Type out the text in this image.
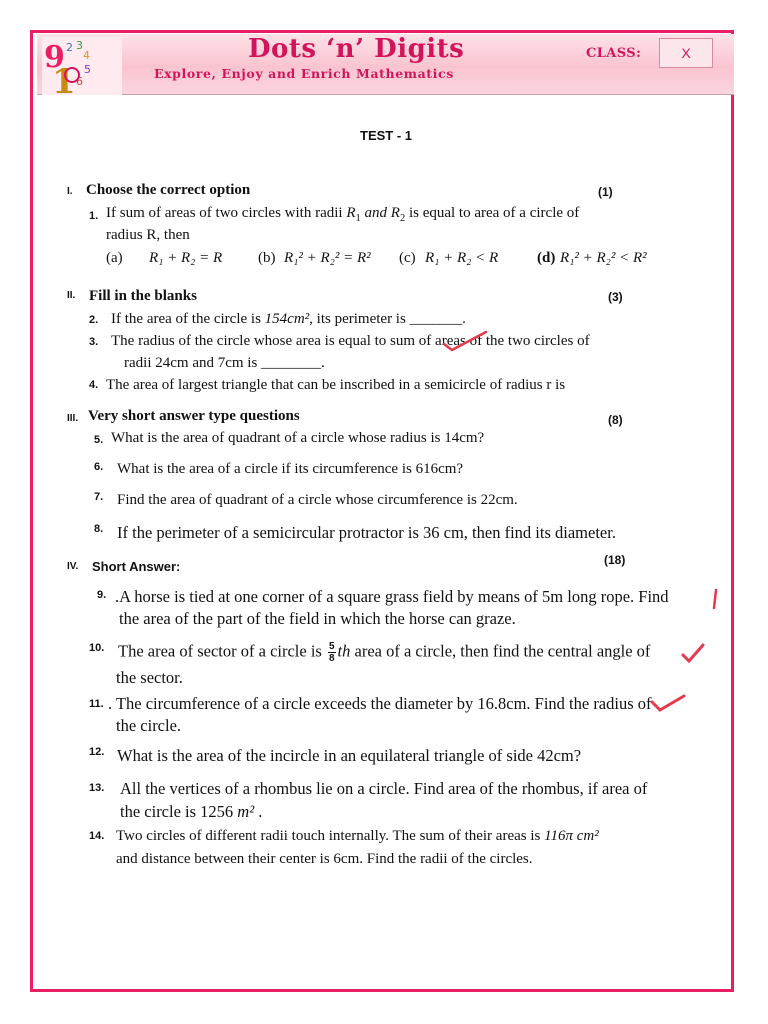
9 2 3
4
5
6
1
Dots ‘n’ Digits
Explore, Enjoy and Enrich Mathematics
CLASS:	X
TEST - 1
I. Choose the correct option	(1)
1. If sum of areas of two circles with radii $R_1$ and $R_2$ is equal to area of a circle of
radius R, then
(a) R₁ + R₂ = R (b) R₁² + R₂² = R² (c) R₁ + R₂ < R	(d) R₁² + R₂² < R²
II. Fill in the blanks	(3)
2. If the area of the circle is 154cm², its perimeter is _______.
3. The radius of the circle whose area is equal to sum of areas of the two circles of
radii 24cm and 7cm is ________.
4. The area of largest triangle that can be inscribed in a semicircle of radius r is
III. Very short answer type questions	(8)
5. What is the area of quadrant of a circle whose radius is 14cm?
6. What is the area of a circle if its circumference is 616cm?
7. Find the area of quadrant of a circle whose circumference is 22cm.
8. If the perimeter of a semicircular protractor is 36 cm, then find its diameter.
IV. Short Answer:	(18)
9. .A horse is tied at one corner of a square grass field by means of 5m long rope. Find
the area of the part of the field in which the horse can graze.
10. The area of sector of a circle is $\frac{5}{8}$ th area of a circle, then find the central angle of
the sector.
11. . The circumference of a circle exceeds the diameter by 16.8cm. Find the radius of
the circle.
12. What is the area of the incircle in an equilateral triangle of side 42cm?
13. All the vertices of a rhombus lie on a circle. Find area of the rhombus, if area of
the circle is 1256 m² .
14. Two circles of different radii touch internally. The sum of their areas is 116π cm²
and distance between their center is 6cm. Find the radii of the circles.
